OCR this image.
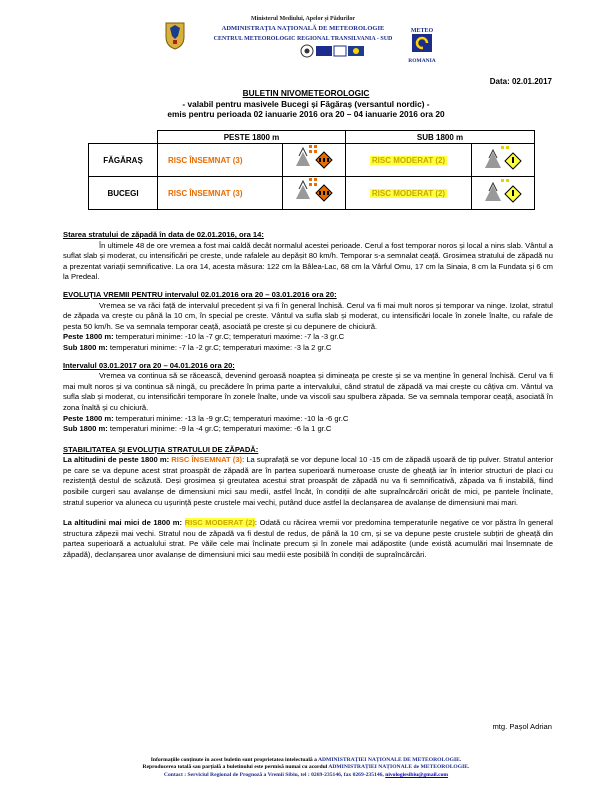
Ministerul Mediului, Apelor și Pădurilor
ADMINISTRAȚIA NAȚIONALĂ DE METEOROLOGIE
CENTRUL METEOROLOGIC REGIONAL TRANSILVANIA - SUD
METEO
ROMANIA
Data: 02.01.2017
BULETIN NIVOMETEOROLOGIC
- valabil pentru masivele Bucegi și Făgăraș (versantul nordic) -
emis pentru perioada 02 ianuarie 2016 ora 20 – 04 ianuarie 2016 ora 20
	PESTE 1800 m		SUB 1800 m	
FĂGĂRAȘ	RISC ÎNSEMNAT (3)		RISC MODERAT (2)	
BUCEGI	RISC ÎNSEMNAT (3)		RISC MODERAT (2)	

Starea stratului de zăpadă în data de 02.01.2016, ora 14:

În ultimele 48 de ore vremea a fost mai caldă decât normalul acestei perioade. Cerul a fost temporar noros și local a nins slab. Vântul a suflat slab și moderat, cu intensificări pe creste, unde rafalele au depășit 80 km/h. Temporar s-a semnalat ceață. Grosimea stratului de zăpadă nu a prezentat variații semnificative. La ora 14, acesta măsura: 122 cm la Bâlea-Lac, 68 cm la Vârful Omu, 17 cm la Sinaia, 8 cm la Fundata și 6 cm la Predeal.

EVOLUȚIA VREMII PENTRU intervalul 02.01.2016 ora 20 – 03.01.2016 ora 20:

Vremea se va răci față de intervalul precedent și va fi în general închisă. Cerul va fi mai mult noros și temporar va ninge. Izolat, stratul de zăpada va crește cu până la 10 cm, în special pe creste. Vântul va sufla slab și moderat, cu intensificări locale în zonele înalte, cu rafale de pesta 50 km/h. Se va semnala temporar ceață, asociată pe creste și cu depunere de chiciură.

Peste 1800 m: temperaturi minime: -10 la -7 gr.C; temperaturi maxime: -7 la -3 gr.C

Sub 1800 m: temperaturi minime: -7 la -2 gr.C; temperaturi maxime: -3 la 2 gr.C

Intervalul 03.01.2017 ora 20 – 04.01.2016 ora 20:

Vremea va continua să se răcească, devenind geroasă noaptea și dimineața pe creste și se va menține în general închisă. Cerul va fi mai mult noros și va continua să ningă, cu precădere în prima parte a intervalului, când stratul de zăpadă va mai crește cu câțiva cm. Vântul va sufla slab și moderat, cu intensificări temporare în zonele înalte, unde va viscoli sau spulbera zăpada. Se va semnala temporar ceață, asociată în zona înaltă și cu chiciură.

Peste 1800 m: temperaturi minime: -13 la -9 gr.C; temperaturi maxime: -10 la -6 gr.C

Sub 1800 m: temperaturi minime: -9 la -4 gr.C; temperaturi maxime: -6 la 1 gr.C

STABILITATEA ȘI EVOLUȚIA STRATULUI DE ZĂPADĂ:

La altitudini de peste 1800 m: RISC ÎNSEMNAT (3): La suprafață se vor depune local 10 -15 cm de zăpadă ușoară de tip pulver. Stratul anterior pe care se va depune acest strat proaspăt de zăpadă are în partea superioară numeroase cruste de gheață iar în interior structuri de placi cu rezistență destul de scăzută. Deși grosimea și greutatea acestui strat proaspăt de zăpadă nu va fi semnificativă, zăpada va fi instabilă, fiind posibile curgeri sau avalanșe de dimensiuni mici sau medii, astfel încât, în condiții de alte supraîncărcări oricât de mici, pe pantele înclinate, stratul superior va aluneca cu ușurință peste crustele mai vechi, putând duce astfel la declanșarea de avalanșe de dimensiuni mai mari.

La altitudini mai mici de 1800 m: RISC MODERAT (2): Odată cu răcirea vremii vor predomina temperaturile negative ce vor păstra în general structura zăpezii mai vechi. Stratul nou de zăpadă va fi destul de redus, de până la 10 cm, și se va depune peste crustele subțiri de gheață din partea superioară a actualului strat. Pe văile cele mai înclinate precum și în zonele mai adăpostite (unde există acumulări mai însemnate de zăpadă), declanșarea unor avalanșe de dimensiuni mici sau medii este posibilă în condiții de supraîncărcări.

mtg. Pașol Adrian
Informațiile conținute în acest buletin sunt proprietatea intelectuală a ADMINISTRAȚIEI NAȚIONALE DE METEOROLOGIE.
Reproducerea totală sau parțială a buletinului este permisă numai cu acordul ADMINISTRAȚIEI NAȚIONALE de METEOROLOGIE.
Contact : Serviciul Regional de Prognoză a Vremii Sibiu, tel : 0269-235146, fax 0269-235146, nivologiesibiu@gmail.com
